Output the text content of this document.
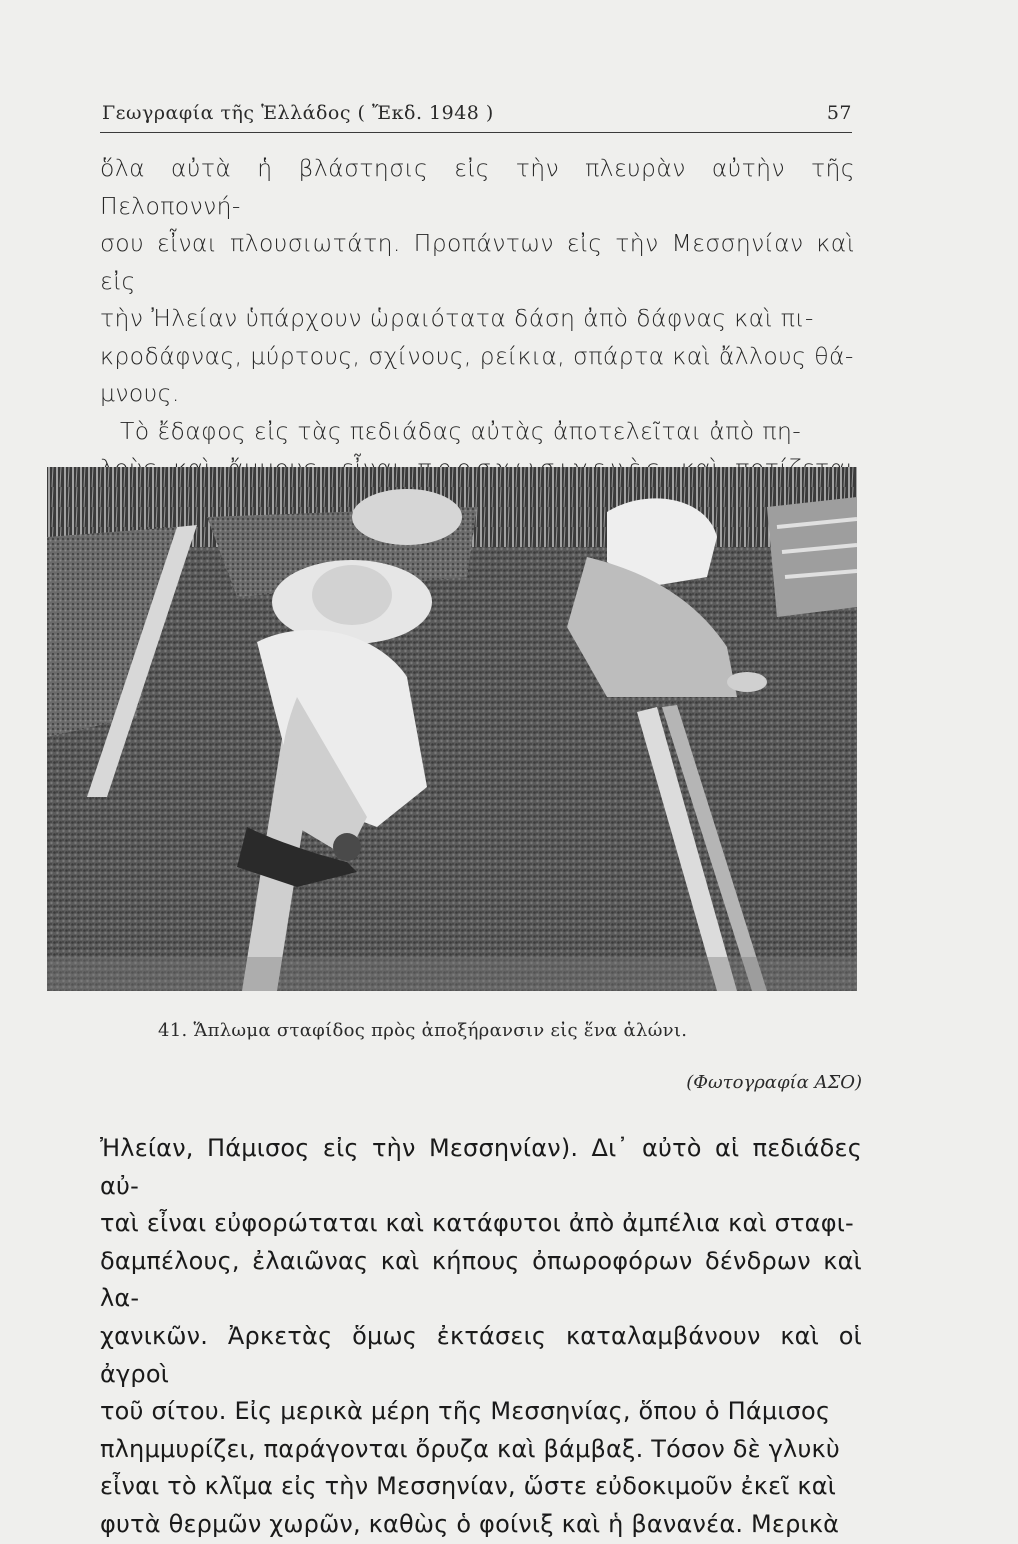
Γεωγραφία τῆς Ἑλλάδος ( Ἔκδ. 1948 )	57
ὅλα αὐτὰ ἡ βλάστησις εἰς τὴν πλευρὰν αὐτὴν τῆς Πελοποννή-
σου εἶναι πλουσιωτάτη. Προπάντων εἰς τὴν Μεσσηνίαν καὶ εἰς
τὴν Ἠλείαν ὑπάρχουν ὡραιότατα δάση ἀπὸ δάφνας καὶ πι-
κροδάφνας, μύρτους, σχίνους, ρείκια, σπάρτα καὶ ἄλλους θά-
μνους.
Τὸ ἔδαφος εἰς τὰς πεδιάδας αὐτὰς ἀποτελεῖται ἀπὸ πη-
41. Ἅπλωμα σταφίδος πρὸς ἀποξήρανσιν εἰς ἕνα ἁλώνι.
(Φωτογραφία ΑΣΟ)
Ἠλείαν, Πάμισος εἰς τὴν Μεσσηνίαν). Δι᾿ αὐτὸ αἱ πεδιάδες αὐ-
ταὶ εἶναι εὐφορώταται καὶ κατάφυτοι ἀπὸ ἀμπέλια καὶ σταφι-
δαμπέλους, ἐλαιῶνας καὶ κήπους ὀπωροφόρων δένδρων καὶ λα-
χανικῶν. Ἀρκετὰς ὅμως ἐκτάσεις καταλαμβάνουν καὶ οἱ ἀγροὶ
τοῦ σίτου. Εἰς μερικὰ μέρη τῆς Μεσσηνίας, ὅπου ὁ Πάμισος
πλημμυρίζει, παράγονται ὄρυζα καὶ βάμβαξ. Τόσον δὲ γλυκὺ
εἶναι τὸ κλῖμα εἰς τὴν Μεσσηνίαν, ὥστε εὐδοκιμοῦν ἐκεῖ καὶ
φυτὰ θερμῶν χωρῶν, καθὼς ὁ φοίνιξ καὶ ἡ βανανέα. Μερικὰ
